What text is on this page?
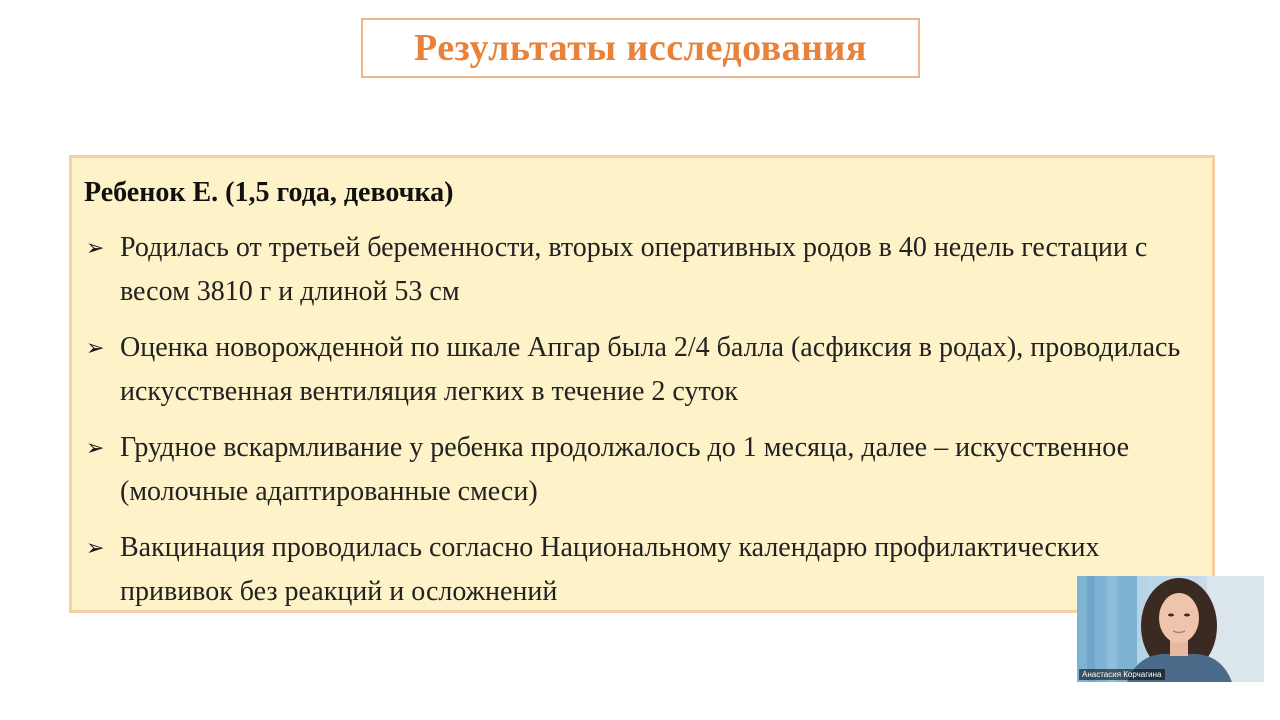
Результаты исследования
Ребенок Е. (1,5 года, девочка)
➢ Родилась от третьей беременности, вторых оперативных родов в 40 недель гестации с весом 3810 г и длиной 53 см
➢ Оценка новорожденной по шкале Апгар была 2/4 балла (асфиксия в родах), проводилась искусственная вентиляция легких в течение 2 суток
➢ Грудное вскармливание у ребенка продолжалось до 1 месяца, далее – искусственное (молочные адаптированные смеси)
➢ Вакцинация проводилась согласно Национальному календарю профилактических прививок без реакций и осложнений
Анастасия Корчагина
